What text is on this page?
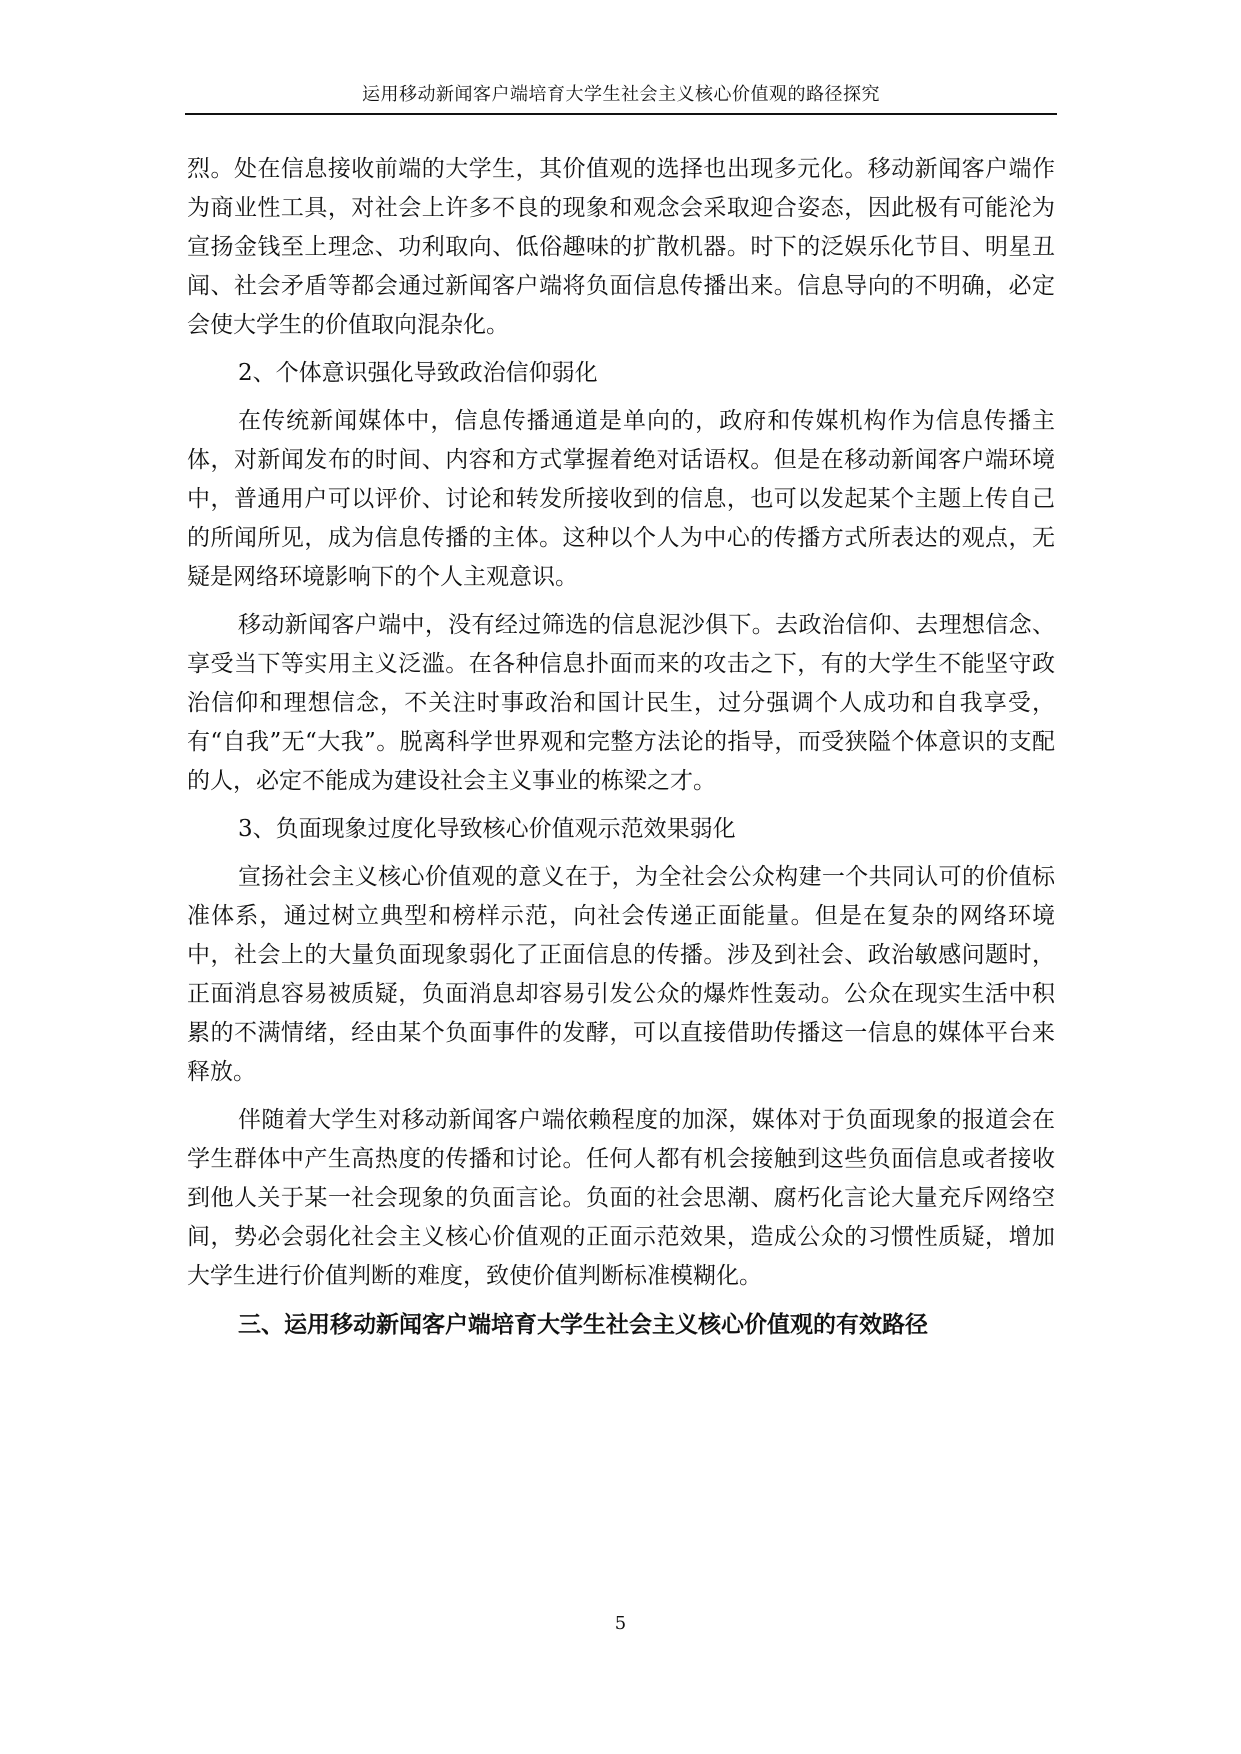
运用移动新闻客户端培育大学生社会主义核心价值观的路径探究

烈。处在信息接收前端的大学生，其价值观的选择也出现多元化。移动新闻客户端作为商业性工具，对社会上许多不良的现象和观念会采取迎合姿态，因此极有可能沦为宣扬金钱至上理念、功利取向、低俗趣味的扩散机器。时下的泛娱乐化节目、明星丑闻、社会矛盾等都会通过新闻客户端将负面信息传播出来。信息导向的不明确，必定会使大学生的价值取向混杂化。

2、个体意识强化导致政治信仰弱化

在传统新闻媒体中，信息传播通道是单向的，政府和传媒机构作为信息传播主体，对新闻发布的时间、内容和方式掌握着绝对话语权。但是在移动新闻客户端环境中，普通用户可以评价、讨论和转发所接收到的信息，也可以发起某个主题上传自己的所闻所见，成为信息传播的主体。这种以个人为中心的传播方式所表达的观点，无疑是网络环境影响下的个人主观意识。

移动新闻客户端中，没有经过筛选的信息泥沙俱下。去政治信仰、去理想信念、享受当下等实用主义泛滥。在各种信息扑面而来的攻击之下，有的大学生不能坚守政治信仰和理想信念，不关注时事政治和国计民生，过分强调个人成功和自我享受，有“自我”无“大我”。脱离科学世界观和完整方法论的指导，而受狭隘个体意识的支配的人，必定不能成为建设社会主义事业的栋梁之才。

3、负面现象过度化导致核心价值观示范效果弱化

宣扬社会主义核心价值观的意义在于，为全社会公众构建一个共同认可的价值标准体系，通过树立典型和榜样示范，向社会传递正面能量。但是在复杂的网络环境中，社会上的大量负面现象弱化了正面信息的传播。涉及到社会、政治敏感问题时，正面消息容易被质疑，负面消息却容易引发公众的爆炸性轰动。公众在现实生活中积累的不满情绪，经由某个负面事件的发酵，可以直接借助传播这一信息的媒体平台来释放。

伴随着大学生对移动新闻客户端依赖程度的加深，媒体对于负面现象的报道会在学生群体中产生高热度的传播和讨论。任何人都有机会接触到这些负面信息或者接收到他人关于某一社会现象的负面言论。负面的社会思潮、腐朽化言论大量充斥网络空间，势必会弱化社会主义核心价值观的正面示范效果，造成公众的习惯性质疑，增加大学生进行价值判断的难度，致使价值判断标准模糊化。

三、运用移动新闻客户端培育大学生社会主义核心价值观的有效路径

5
